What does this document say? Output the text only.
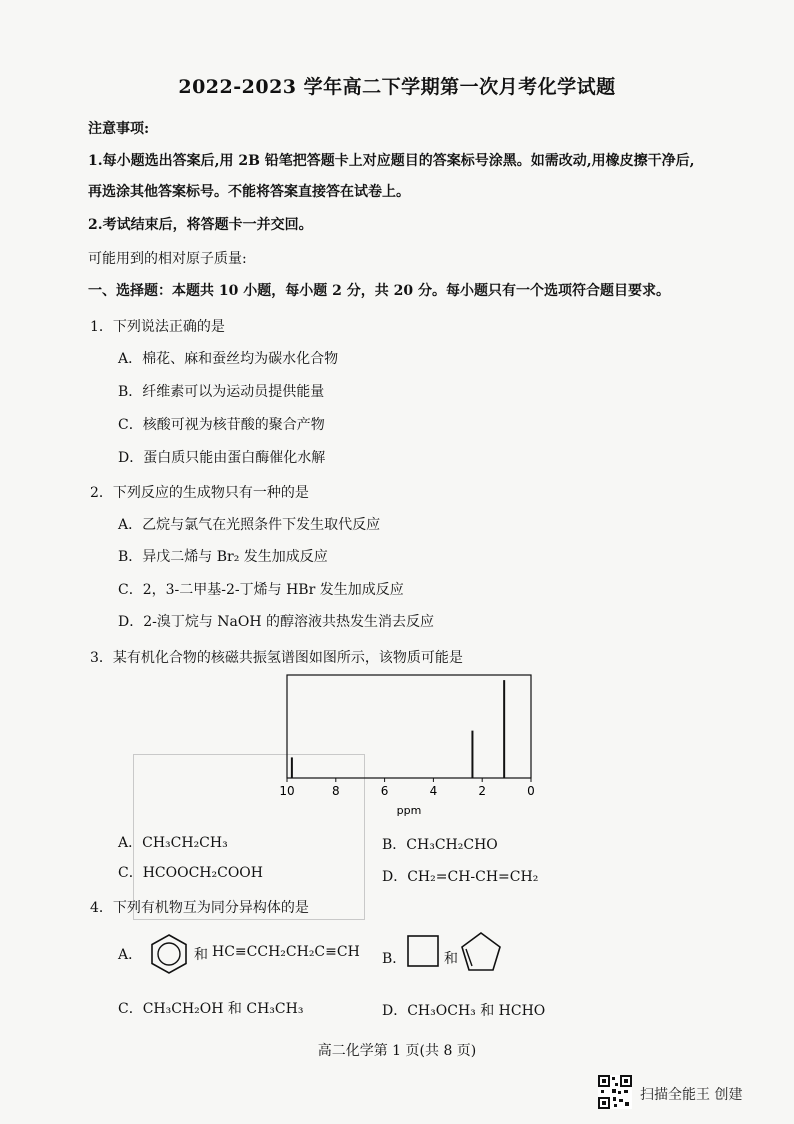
2022-2023 学年高二下学期第一次月考化学试题
注意事项:
1.每小题选出答案后,用 2B 铅笔把答题卡上对应题目的答案标号涂黑。如需改动,用橡皮擦干净后,
再选涂其他答案标号。不能将答案直接答在试卷上。
2.考试结束后，将答题卡一并交回。
可能用到的相对原子质量:
一、选择题：本题共 10 小题，每小题 2 分，共 20 分。每小题只有一个选项符合题目要求。
1．下列说法正确的是
A．棉花、麻和蚕丝均为碳水化合物
B．纤维素可以为运动员提供能量
C．核酸可视为核苷酸的聚合产物
D．蛋白质只能由蛋白酶催化水解
2．下列反应的生成物只有一种的是
A．乙烷与氯气在光照条件下发生取代反应
B．异戊二烯与 Br₂ 发生加成反应
C．2，3-二甲基-2-丁烯与 HBr 发生加成反应
D．2-溴丁烷与 NaOH 的醇溶液共热发生消去反应
3．某有机化合物的核磁共振氢谱图如图所示，该物质可能是
10	8	6	4	2	0
ppm
A．CH₃CH₂CH₃	B．CH₃CH₂CHO
C．HCOOCH₂COOH	D．CH₂=CH-CH=CH₂
4．下列有机物互为同分异构体的是
A．	和 HC≡CCH₂CH₂C≡CH B．	和
C．CH₃CH₂OH 和 CH₃CH₃	D．CH₃OCH₃ 和 HCHO
高二化学第 1 页(共 8 页)
扫描全能王 创建
